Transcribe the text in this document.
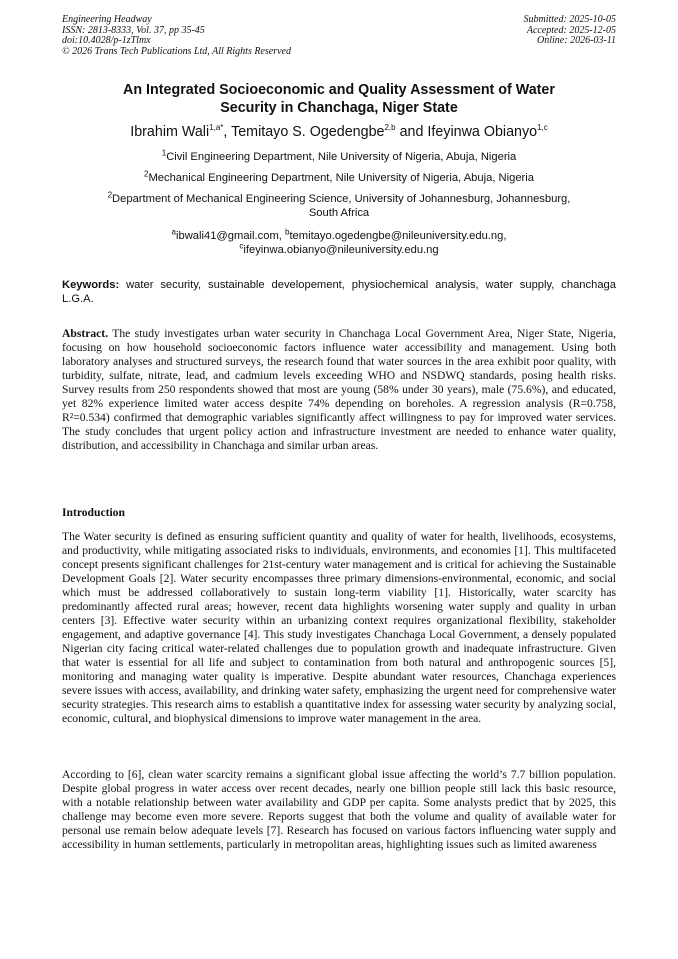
Engineering Headway
ISSN: 2813-8333, Vol. 37, pp 35-45
doi:10.4028/p-1zTlmx
© 2026 Trans Tech Publications Ltd, All Rights Reserved
Submitted: 2025-10-05
Accepted: 2025-12-05
Online: 2026-03-11
An Integrated Socioeconomic and Quality Assessment of Water
Security in Chanchaga, Niger State
Ibrahim Wali$^{1,a*}$, Temitayo S. Ogedengbe$^{2,b}$ and Ifeyinwa Obianyo$^{1,c}$
$^1$Civil Engineering Department, Nile University of Nigeria, Abuja, Nigeria
$^2$Mechanical Engineering Department, Nile University of Nigeria, Abuja, Nigeria
$^2$Department of Mechanical Engineering Science, University of Johannesburg, Johannesburg,
South Africa
$^a$ibwali41@gmail.com, $^b$temitayo.ogedengbe@nileuniversity.edu.ng,
$^c$ifeyinwa.obianyo@nileuniversity.edu.ng
Keywords: water security, sustainable developement, physiochemical analysis, water supply, chanchaga L.G.A.
Abstract. The study investigates urban water security in Chanchaga Local Government Area, Niger State, Nigeria, focusing on how household socioeconomic factors influence water accessibility and management. Using both laboratory analyses and structured surveys, the research found that water sources in the area exhibit poor quality, with turbidity, sulfate, nitrate, lead, and cadmium levels exceeding WHO and NSDWQ standards, posing health risks. Survey results from 250 respondents showed that most are young (58% under 30 years), male (75.6%), and educated, yet 82% experience limited water access despite 74% depending on boreholes. A regression analysis (R=0.758, R²=0.534) confirmed that demographic variables significantly affect willingness to pay for improved water services. The study concludes that urgent policy action and infrastructure investment are needed to enhance water quality, distribution, and accessibility in Chanchaga and similar urban areas.
Introduction
The Water security is defined as ensuring sufficient quantity and quality of water for health, livelihoods, ecosystems, and productivity, while mitigating associated risks to individuals, environments, and economies [1]. This multifaceted concept presents significant challenges for 21st-century water management and is critical for achieving the Sustainable Development Goals [2]. Water security encompasses three primary dimensions-environmental, economic, and social which must be addressed collaboratively to sustain long-term viability [1]. Historically, water scarcity has predominantly affected rural areas; however, recent data highlights worsening water supply and quality in urban centers [3]. Effective water security within an urbanizing context requires organizational flexibility, stakeholder engagement, and adaptive governance [4]. This study investigates Chanchaga Local Government, a densely populated Nigerian city facing critical water-related challenges due to population growth and inadequate infrastructure. Given that water is essential for all life and subject to contamination from both natural and anthropogenic sources [5], monitoring and managing water quality is imperative. Despite abundant water resources, Chanchaga experiences severe issues with access, availability, and drinking water safety, emphasizing the urgent need for comprehensive water security strategies. This research aims to establish a quantitative index for assessing water security by analyzing social, economic, cultural, and biophysical dimensions to improve water management in the area.
According to [6], clean water scarcity remains a significant global issue affecting the world’s 7.7 billion population. Despite global progress in water access over recent decades, nearly one billion people still lack this basic resource, with a notable relationship between water availability and GDP per capita. Some analysts predict that by 2025, this challenge may become even more severe. Reports suggest that both the volume and quality of available water for personal use remain below adequate levels [7]. Research has focused on various factors influencing water supply and accessibility in human settlements, particularly in metropolitan areas, highlighting issues such as limited awareness
